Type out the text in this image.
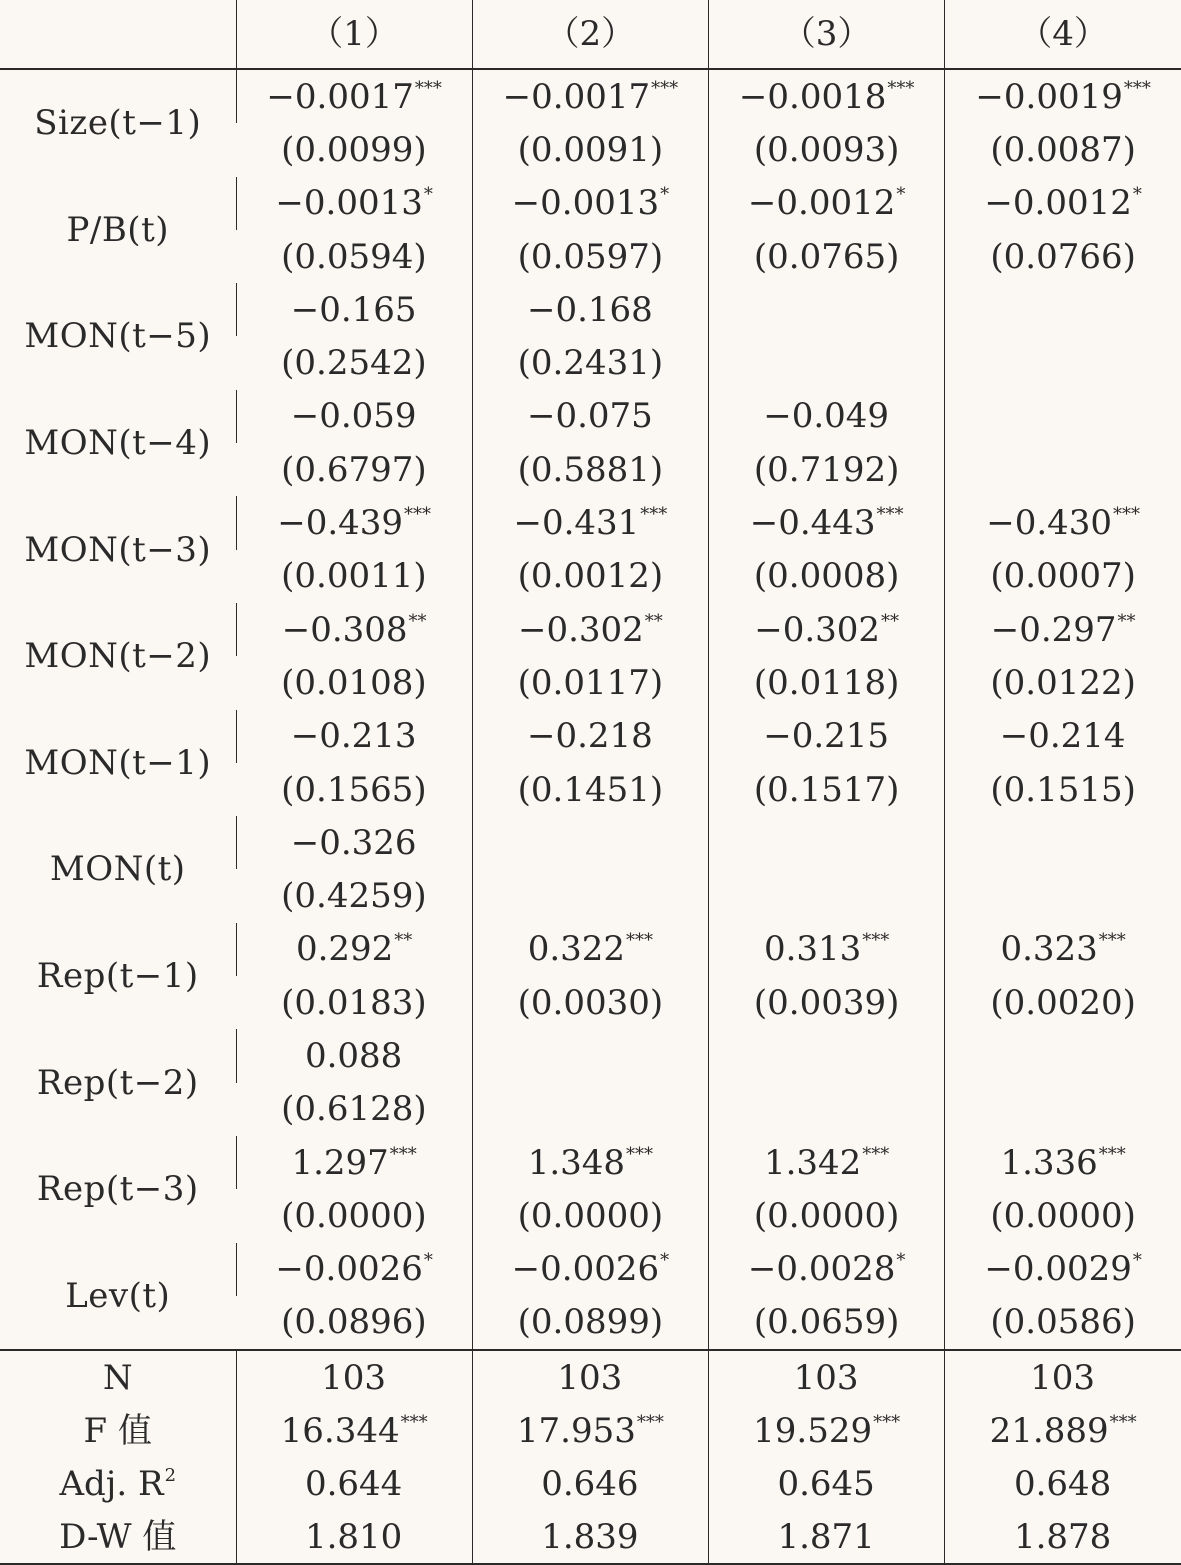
	（1）	（2）	（3）	（4）
Size(t−1)	−0.0017***	−0.0017***	−0.0018***	−0.0019***
	(0.0099)	(0.0091)	(0.0093)	(0.0087)
P/B(t)	−0.0013*	−0.0013*	−0.0012*	−0.0012*
	(0.0594)	(0.0597)	(0.0765)	(0.0766)
MON(t−5)	−0.165	−0.168		
	(0.2542)	(0.2431)		
MON(t−4)	−0.059	−0.075	−0.049	
	(0.6797)	(0.5881)	(0.7192)	
MON(t−3)	−0.439***	−0.431***	−0.443***	−0.430***
	(0.0011)	(0.0012)	(0.0008)	(0.0007)
MON(t−2)	−0.308**	−0.302**	−0.302**	−0.297**
	(0.0108)	(0.0117)	(0.0118)	(0.0122)
MON(t−1)	−0.213	−0.218	−0.215	−0.214
	(0.1565)	(0.1451)	(0.1517)	(0.1515)
MON(t)	−0.326			
	(0.4259)			
Rep(t−1)	0.292**	0.322***	0.313***	0.323***
	(0.0183)	(0.0030)	(0.0039)	(0.0020)
Rep(t−2)	0.088			
	(0.6128)			
Rep(t−3)	1.297***	1.348***	1.342***	1.336***
	(0.0000)	(0.0000)	(0.0000)	(0.0000)
Lev(t)	−0.0026*	−0.0026*	−0.0028*	−0.0029*
	(0.0896)	(0.0899)	(0.0659)	(0.0586)
N	103	103	103	103
F 值	16.344***	17.953***	19.529***	21.889***
Adj. $R^2$	0.644	0.646	0.645	0.648
D-W 值	1.810	1.839	1.871	1.878
